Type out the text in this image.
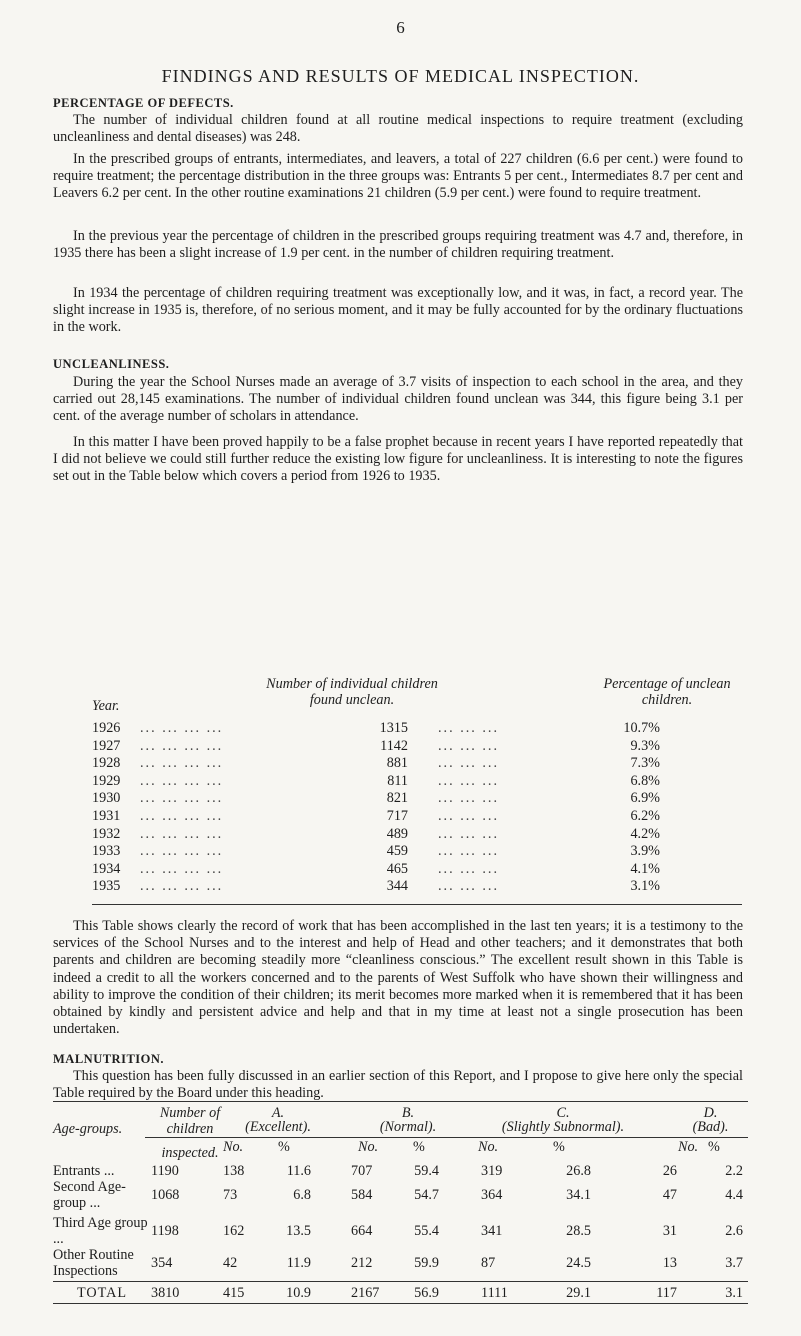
6
FINDINGS AND RESULTS OF MEDICAL INSPECTION.
PERCENTAGE OF DEFECTS.

The number of individual children found at all routine medical inspections to require treatment (excluding uncleanliness and dental diseases) was 248.

In the prescribed groups of entrants, intermediates, and leavers, a total of 227 children (6.6 per cent.) were found to require treatment; the percentage distribution in the three groups was: Entrants 5 per cent., Intermediates 8.7 per cent and Leavers 6.2 per cent. In the other routine examinations 21 children (5.9 per cent.) were found to require treatment.

In the previous year the percentage of children in the prescribed groups requiring treatment was 4.7 and, therefore, in 1935 there has been a slight increase of 1.9 per cent. in the number of children requiring treatment.

In 1934 the percentage of children requiring treatment was exceptionally low, and it was, in fact, a record year. The slight increase in 1935 is, therefore, of no serious moment, and it may be fully accounted for by the ordinary fluctuations in the work.

UNCLEANLINESS.

During the year the School Nurses made an average of 3.7 visits of inspection to each school in the area, and they carried out 28,145 examinations. The number of individual children found unclean was 344, this figure being 3.1 per cent. of the average number of scholars in attendance.

In this matter I have been proved happily to be a false prophet because in recent years I have reported repeatedly that I did not believe we could still further reduce the existing low figure for uncleanliness. It is interesting to note the figures set out in the Table below which covers a period from 1926 to 1935.

Year.
Number of individual children found unclean.
Percentage of unclean children.
1926 ... ... ... ...	1315 ... ... ...	10.7%
1927 ... ... ... ...	1142 ... ... ...	9.3%
1928 ... ... ... ...	881 ... ... ...	7.3%
1929 ... ... ... ...	811 ... ... ...	6.8%
1930 ... ... ... ...	821 ... ... ...	6.9%
1931 ... ... ... ...	717 ... ... ...	6.2%
1932 ... ... ... ...	489 ... ... ...	4.2%
1933 ... ... ... ...	459 ... ... ...	3.9%
1934 ... ... ... ...	465 ... ... ...	4.1%
1935 ... ... ... ...	344 ... ... ...	3.1%

This Table shows clearly the record of work that has been accomplished in the last ten years; it is a testimony to the services of the School Nurses and to the interest and help of Head and other teachers; and it demonstrates that both parents and children are becoming steadily more “cleanliness conscious.” The excellent result shown in this Table is indeed a credit to all the workers concerned and to the parents of West Suffolk who have shown their willingness and ability to improve the condition of their children; its merit becomes more marked when it is remembered that it has been obtained by kindly and persistent advice and help and that in my time at least not a single prosecution has been undertaken.

MALNUTRITION.

This question has been fully discussed in an earlier section of this Report, and I propose to give here only the special Table required by the Board under this heading.

Age-groups.
Number of children
inspected.
A.
(Excellent).
B.
(Normal).
C.
(Slightly Subnormal).
D.
(Bad).
No.	%	No.	%	No.	%	No. %
Entrants ...	1190	138	11.6	707	59.4	319	26.8	26	2.2
Second Age-group ...	1068	73	6.8	584	54.7	364	34.1	47	4.4
Third Age group ...	1198	162	13.5	664	55.4	341	28.5	31	2.6
Other Routine Inspections	354	42	11.9	212	59.9	87	24.5	13	3.7
TOTAL	3810	415	10.9	2167	56.9	1111	29.1	117	3.1
